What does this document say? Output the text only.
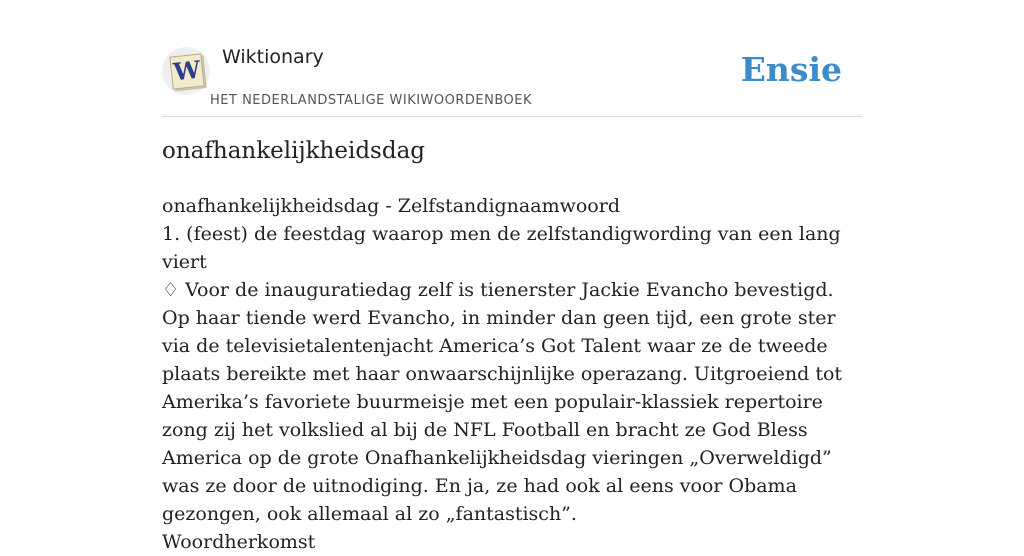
W Wiktionary
HET NEDERLANDSTALIGE WIKIWOORDENBOEK
Ensie
onafhankelijkheidsdag

onafhankelijkheidsdag - Zelfstandignaamwoord

1. (feest) de feestdag waarop men de zelfstandigwording van een lang viert

♢ Voor de inauguratiedag zelf is tienerster Jackie Evancho bevestigd. Op haar tiende werd Evancho, in minder dan geen tijd, een grote ster via de televisietalentenjacht America’s Got Talent waar ze de tweede plaats bereikte met haar onwaarschijnlijke operazang. Uitgroeiend tot Amerika’s favoriete buurmeisje met een populair-klassiek repertoire zong zij het volkslied al bij de NFL Football en bracht ze God Bless America op de grote Onafhankelijkheidsdag vieringen „Overweldigd” was ze door de uitnodiging. En ja, ze had ook al eens voor Obama gezongen, ook allemaal al zo „fantastisch”.

Woordherkomst
